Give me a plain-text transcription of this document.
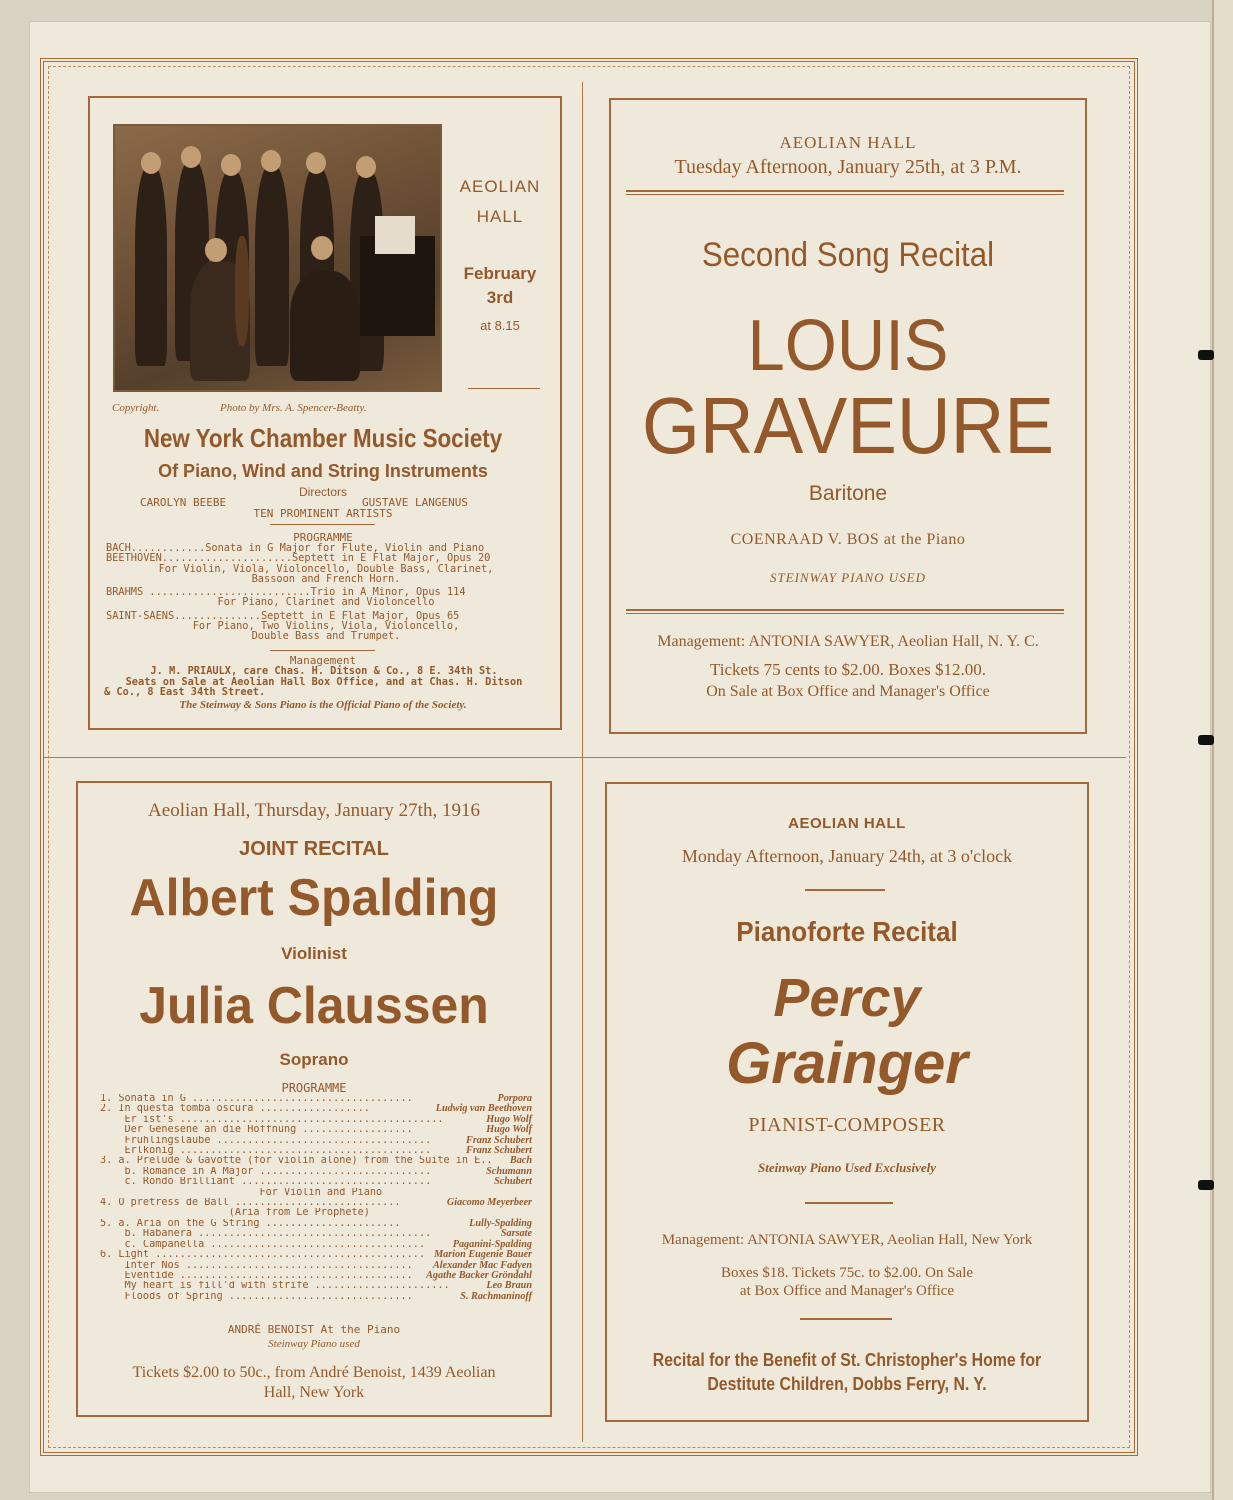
AEOLIAN
HALL
February
3rd
at 8.15
Copyright.	Photo by Mrs. A. Spencer-Beatty.
New York Chamber Music Society
Of Piano, Wind and String Instruments
Directors
CAROLYN BEEBE	GUSTAVE LANGENUS
TEN PROMINENT ARTISTS
PROGRAMME
BACH............Sonata in G Major for Flute, Violin and Piano
BEETHOVEN.....................Septett in E Flat Major, Opus 20
For Violin, Viola, Violoncello, Double Bass, Clarinet,
Bassoon and French Horn.
BRAHMS ..........................Trio in A Minor, Opus 114
For Piano, Clarinet and Violoncello
SAINT-SAENS..............Septett in E Flat Major, Opus 65
For Piano, Two Violins, Viola, Violoncello,
Double Bass and Trumpet.
Management
J. M. PRIAULX, care Chas. H. Ditson & Co., 8 E. 34th St.
Seats on Sale at Aeolian Hall Box Office, and at Chas. H. Ditson
& Co., 8 East 34th Street.
The Steinway & Sons Piano is the Official Piano of the Society.
AEOLIAN HALL
Tuesday Afternoon, January 25th, at 3 P.M.
Second Song Recital
LOUIS
GRAVEURE
Baritone
COENRAAD V. BOS at the Piano
STEINWAY PIANO USED
Management: ANTONIA SAWYER, Aeolian Hall, N. Y. C.
Tickets 75 cents to $2.00. Boxes $12.00.
On Sale at Box Office and Manager's Office
Aeolian Hall, Thursday, January 27th, 1916
JOINT RECITAL
Albert Spalding
Violinist
Julia Claussen
Soprano
PROGRAMME
1. Sonata in G ....................................	Porpora
2. In questa tomba oscura ..................	Ludwig van Beethoven
Er ist's ...........................................	Hugo Wolf
Der Genesene an die Hoffnung ..................	Hugo Wolf
Frühlingslaube ...................................	Franz Schubert
Erlkönig .........................................	Franz Schubert
3. a. Prelude & Gavotte (for violin alone) from the Suite in E.. Bach
b. Romance in A Major ............................	Schumann
c. Rondo Brilliant ...............................	Schubert
For Violin and Piano
4. O pretress de Ball ...........................	Giacomo Meyerbeer
(Aria from Le Prophete)
5. a. Aria on the G String ......................	Lully-Spalding
b. Habanera ......................................	Sarsate
c. Campanella ...................................	Paganini-Spalding
6. Light ............................................ Marion Eugenie Bauer
Inter Nos ..................................... Alexander Mac Fadyen
Eventide ...................................... Agathe Backer Gröndahl
My heart is fill'd with strife ......................	Leo Braun
Floods of Spring ..............................	S. Rachmaninoff
ANDRÉ BENOIST At the Piano
Steinway Piano used
Tickets $2.00 to 50c., from André Benoist, 1439 Aeolian
Hall, New York
AEOLIAN HALL
Monday Afternoon, January 24th, at 3 o'clock
Pianoforte Recital
Percy
Grainger
PIANIST-COMPOSER
Steinway Piano Used Exclusively
Management: ANTONIA SAWYER, Aeolian Hall, New York
Boxes $18. Tickets 75c. to $2.00. On Sale
at Box Office and Manager's Office
Recital for the Benefit of St. Christopher's Home for
Destitute Children, Dobbs Ferry, N. Y.
